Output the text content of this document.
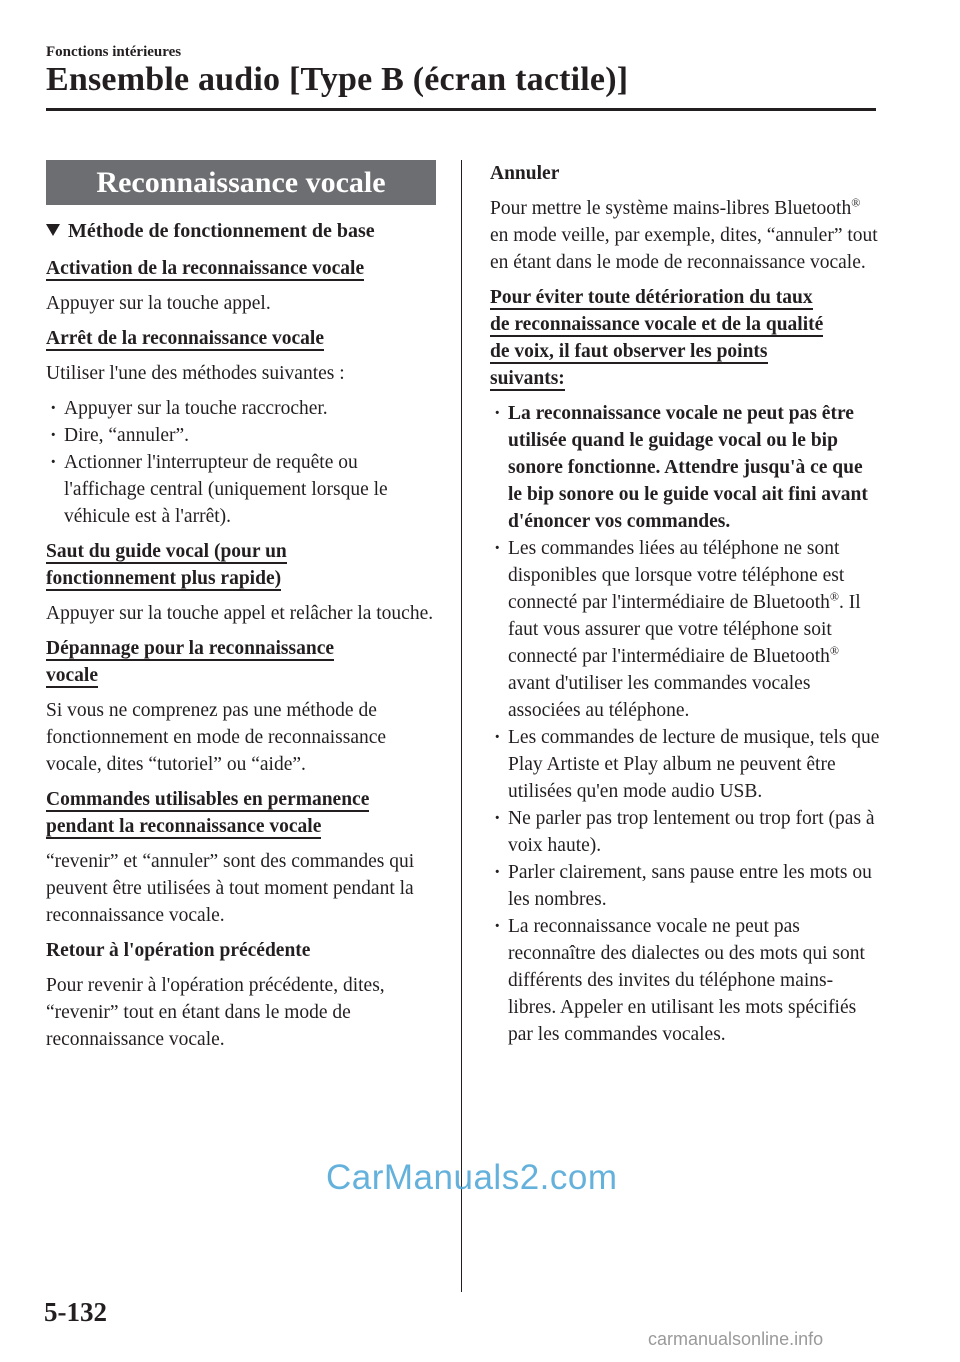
Fonctions intérieures
Ensemble audio [Type B (écran tactile)]
Reconnaissance vocale
Méthode de fonctionnement de base
Activation de la reconnaissance vocale
Appuyer sur la touche appel.
Arrêt de la reconnaissance vocale
Utiliser l'une des méthodes suivantes :
· Appuyer sur la touche raccrocher.
· Dire, “annuler”.
· Actionner l'interrupteur de requête ou l'affichage central (uniquement lorsque le véhicule est à l'arrêt).
Saut du guide vocal (pour un
fonctionnement plus rapide)
Appuyer sur la touche appel et relâcher la touche.
Dépannage pour la reconnaissance
vocale
Si vous ne comprenez pas une méthode de fonctionnement en mode de reconnaissance vocale, dites “tutoriel” ou “aide”.
Commandes utilisables en permanence
pendant la reconnaissance vocale
“revenir” et “annuler” sont des commandes qui peuvent être utilisées à tout moment pendant la reconnaissance vocale.
Retour à l'opération précédente
Pour revenir à l'opération précédente, dites, “revenir” tout en étant dans le mode de reconnaissance vocale.
Annuler
Pour mettre le système mains-libres Bluetooth® en mode veille, par exemple, dites, “annuler” tout en étant dans le mode de reconnaissance vocale.
Pour éviter toute détérioration du taux
de reconnaissance vocale et de la qualité
de voix, il faut observer les points
suivants:
· La reconnaissance vocale ne peut pas être utilisée quand le guidage vocal ou le bip sonore fonctionne. Attendre jusqu'à ce que le bip sonore ou le guide vocal ait fini avant d'énoncer vos commandes.
· Les commandes liées au téléphone ne sont disponibles que lorsque votre téléphone est connecté par l'intermédiaire de Bluetooth®. Il faut vous assurer que votre téléphone soit connecté par l'intermédiaire de Bluetooth® avant d'utiliser les commandes vocales associées au téléphone.
· Les commandes de lecture de musique, tels que Play Artiste et Play album ne peuvent être utilisées qu'en mode audio USB.
· Ne parler pas trop lentement ou trop fort (pas à voix haute).
· Parler clairement, sans pause entre les mots ou les nombres.
· La reconnaissance vocale ne peut pas reconnaître des dialectes ou des mots qui sont différents des invites du téléphone mains-libres. Appeler en utilisant les mots spécifiés par les commandes vocales.
CarManuals2.com
5-132
carmanualsonline.info
